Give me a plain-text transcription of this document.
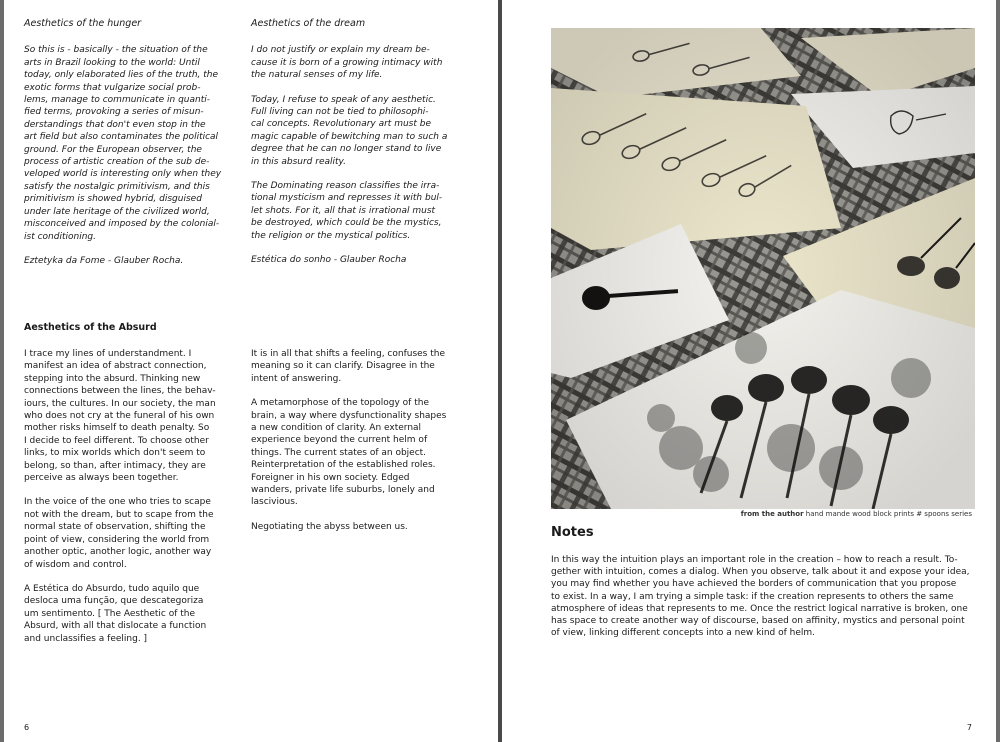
Aesthetics of the hunger

So this is - basically - the situation of the
arts in Brazil looking to the world: Until
today, only elaborated lies of the truth, the
exotic forms that vulgarize social prob-
lems, manage to communicate in quanti-
fied terms, provoking a series of misun-
derstandings that don't even stop in the
art field but also contaminates the political
ground. For the European observer, the
process of artistic creation of the sub de-
veloped world is interesting only when they
satisfy the nostalgic primitivism, and this
primitivism is showed hybrid, disguised
under late heritage of the civilized world,
misconceived and imposed by the colonial-
ist conditioning.

Eztetyka da Fome - Glauber Rocha.

Aesthetics of the dream

I do not justify or explain my dream be-
cause it is born of a growing intimacy with
the natural senses of my life.

Today, I refuse to speak of any aesthetic.
Full living can not be tied to philosophi-
cal concepts. Revolutionary art must be
magic capable of bewitching man to such a
degree that he can no longer stand to live
in this absurd reality.

The Dominating reason classifies the irra-
tional mysticism and represses it with bul-
let shots. For it, all that is irrational must
be destroyed, which could be the mystics,
the religion or the mystical politics.

Estética do sonho - Glauber Rocha

Aesthetics of the Absurd

I trace my lines of understandment. I
manifest an idea of abstract connection,
stepping into the absurd. Thinking new
connections between the lines, the behav-
iours, the cultures. In our society, the man
who does not cry at the funeral of his own
mother risks himself to death penalty. So
I decide to feel different. To choose other
links, to mix worlds which don't seem to
belong, so than, after intimacy, they are
perceive as always been together.

In the voice of the one who tries to scape
not with the dream, but to scape from the
normal state of observation, shifting the
point of view, considering the world from
another optic, another logic, another way
of wisdom and control.

A Estética do Absurdo, tudo aquilo que
desloca uma função, que descategoriza
um sentimento. [ The Aesthetic of the
Absurd, with all that dislocate a function
and unclassifies a feeling. ]

It is in all that shifts a feeling, confuses the
meaning so it can clarify. Disagree in the
intent of answering.

A metamorphose of the topology of the
brain, a way where dysfunctionality shapes
a new condition of clarity. An external
experience beyond the current helm of
things. The current states of an object.
Reinterpretation of the established roles.
Foreigner in his own society. Edged
wanders, private life suburbs, lonely and
lascivious.

Negotiating the abyss between us.

6
from the author hand mande wood block prints # spoons series
Notes
In this way the intuition plays an important role in the creation – how to reach a result. To-
gether with intuition, comes a dialog. When you observe, talk about it and expose your idea,
you may find whether you have achieved the borders of communication that you propose
to exist. In a way, I am trying a simple task: if the creation represents to others the same
atmosphere of ideas that represents to me. Once the restrict logical narrative is broken, one
has space to create another way of discourse, based on affinity, mystics and personal point
of view, linking different concepts into a new kind of helm.
7
